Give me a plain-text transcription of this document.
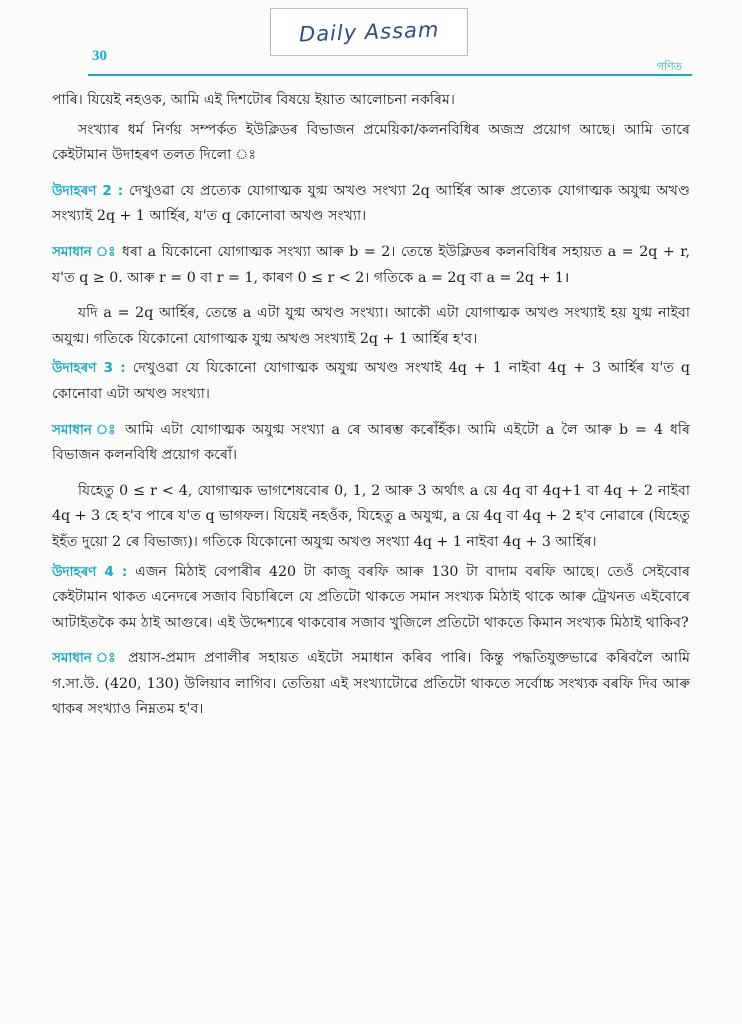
Daily Assam
30
গণিত

পাৰি। যিয়েই নহওক, আমি এই দিশটোৰ বিষয়ে ইয়াত আলোচনা নকৰিম।

সংখ্যাৰ ধৰ্ম নিৰ্ণয় সম্পৰ্কত ইউক্লিডৰ বিভাজন প্ৰমেয়িকা/কলনবিধিৰ অজস্ৰ প্ৰয়োগ আছে। আমি তাৰে কেইটামান উদাহৰণ তলত দিলো ঃ

উদাহৰণ 2 : দেখুওৱা যে প্ৰত্যেক যোগাত্মক যুগ্ম অখণ্ড সংখ্যা 2q আৰ্হিৰ আৰু প্ৰত্যেক যোগাত্মক অযুগ্ম অখণ্ড সংখ্যাই 2q + 1 আৰ্হিৰ, য'ত q কোনোবা অখণ্ড সংখ্যা।

সমাধান ঃ ধৰা a যিকোনো যোগাত্মক সংখ্যা আৰু b = 2। তেন্তে ইউক্লিডৰ কলনবিধিৰ সহায়ত a = 2q + r, য'ত q ≥ 0. আৰু r = 0 বা r = 1, কাৰণ 0 ≤ r < 2। গতিকে a = 2q বা a = 2q + 1।

যদি a = 2q আৰ্হিৰ, তেন্তে a এটা যুগ্ম অখণ্ড সংখ্যা। আকৌ এটা যোগাত্মক অখণ্ড সংখ্যাই হয় যুগ্ম নাইবা অযুগ্ম। গতিকে যিকোনো যোগাত্মক যুগ্ম অখণ্ড সংখ্যাই 2q + 1 আৰ্হিৰ হ'ব।

উদাহৰণ 3 : দেখুওৱা যে যিকোনো যোগাত্মক অযুগ্ম অখণ্ড সংখাই 4q + 1 নাইবা 4q + 3 আৰ্হিৰ য'ত q কোনোবা এটা অখণ্ড সংখ্যা।

সমাধান ঃ আমি এটা যোগাত্মক অযুগ্ম সংখ্যা a ৰে আৰম্ভ কৰোঁহঁক। আমি এইটো a লৈ আৰু b = 4 ধৰি বিভাজন কলনবিধি প্ৰয়োগ কৰোঁ।

যিহেতু 0 ≤ r < 4, যোগাত্মক ভাগশেষবোৰ 0, 1, 2 আৰু 3 অৰ্থাৎ a য়ে 4q বা 4q+1 বা 4q + 2 নাইবা 4q + 3 হে হ'ব পাৰে য'ত q ভাগফল। যিয়েই নহওঁক, যিহেতু a অযুগ্ম, a য়ে 4q বা 4q + 2 হ'ব নোৱাৰে (যিহেতু ইহঁত দুয়ো 2 ৰে বিভাজ্য)। গতিকে যিকোনো অযুগ্ম অখণ্ড সংখ্যা 4q + 1 নাইবা 4q + 3 আৰ্হিৰ।

উদাহৰণ 4 : এজন মিঠাই বেপাৰীৰ 420 টা কাজু বৰফি আৰু 130 টা বাদাম বৰফি আছে। তেওঁ সেইবোৰ কেইটামান থাকত এনেদৰে সজাব বিচাৰিলে যে প্ৰতিটো থাকতে সমান সংখ্যক মিঠাই থাকে আৰু ট্ৰেখনত এইবোৰে আটাইতকৈ কম ঠাই আগুৰে। এই উদ্দেশ্যৰে থাকবোৰ সজাব খুজিলে প্ৰতিটো থাকতে কিমান সংখ্যক মিঠাই থাকিব?

সমাধান ঃ প্ৰয়াস-প্ৰমাদ প্ৰণালীৰ সহায়ত এইটো সমাধান কৰিব পাৰি। কিন্তু পদ্ধতিযুক্তভাৱে কৰিবলৈ আমি গ.সা.উ. (420, 130) উলিয়াব লাগিব। তেতিয়া এই সংখ্যাটোৱে প্ৰতিটো থাকতে সৰ্বোচ্চ সংখ্যক বৰফি দিব আৰু থাকৰ সংখ্যাও নিম্নতম হ'ব।
